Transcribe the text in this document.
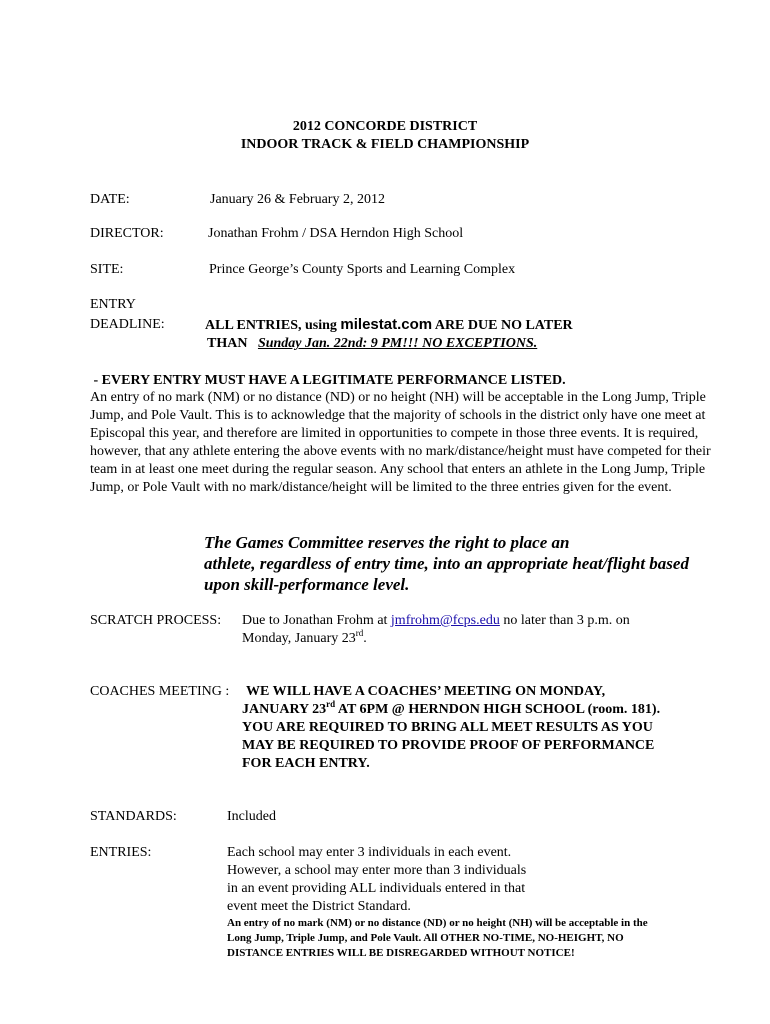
2012 CONCORDE DISTRICT
INDOOR TRACK & FIELD CHAMPIONSHIP
DATE:	January 26 & February 2, 2012
DIRECTOR:	Jonathan Frohm / DSA Herndon High School
SITE:	Prince George’s County Sports and Learning Complex
ENTRY
DEADLINE:	ALL ENTRIES, using milestat.com ARE DUE NO LATER
THAN Sunday Jan. 22nd: 9 PM!!! NO EXCEPTIONS.
- EVERY ENTRY MUST HAVE A LEGITIMATE PERFORMANCE LISTED.
An entry of no mark (NM) or no distance (ND) or no height (NH) will be acceptable in the Long Jump, Triple Jump, and Pole Vault. This is to acknowledge that the majority of schools in the district only have one meet at Episcopal this year, and therefore are limited in opportunities to compete in those three events. It is required, however, that any athlete entering the above events with no mark/distance/height must have competed for their team in at least one meet during the regular season. Any school that enters an athlete in the Long Jump, Triple Jump, or Pole Vault with no mark/distance/height will be limited to the three entries given for the event.
The Games Committee reserves the right to place an
athlete, regardless of entry time, into an appropriate heat/flight based
upon skill-performance level.
SCRATCH PROCESS: Due to Jonathan Frohm at jmfrohm@fcps.edu no later than 3 p.m. on
Monday, January 23rd.
COACHES MEETING : WE WILL HAVE A COACHES’ MEETING ON MONDAY,
JANUARY 23rd AT 6PM @ HERNDON HIGH SCHOOL (room. 181).
YOU ARE REQUIRED TO BRING ALL MEET RESULTS AS YOU
MAY BE REQUIRED TO PROVIDE PROOF OF PERFORMANCE
FOR EACH ENTRY.
STANDARDS:	Included
ENTRIES:	Each school may enter 3 individuals in each event.
However, a school may enter more than 3 individuals
in an event providing ALL individuals entered in that
event meet the District Standard.
An entry of no mark (NM) or no distance (ND) or no height (NH) will be acceptable in the
Long Jump, Triple Jump, and Pole Vault. All OTHER NO-TIME, NO-HEIGHT, NO
DISTANCE ENTRIES WILL BE DISREGARDED WITHOUT NOTICE!
